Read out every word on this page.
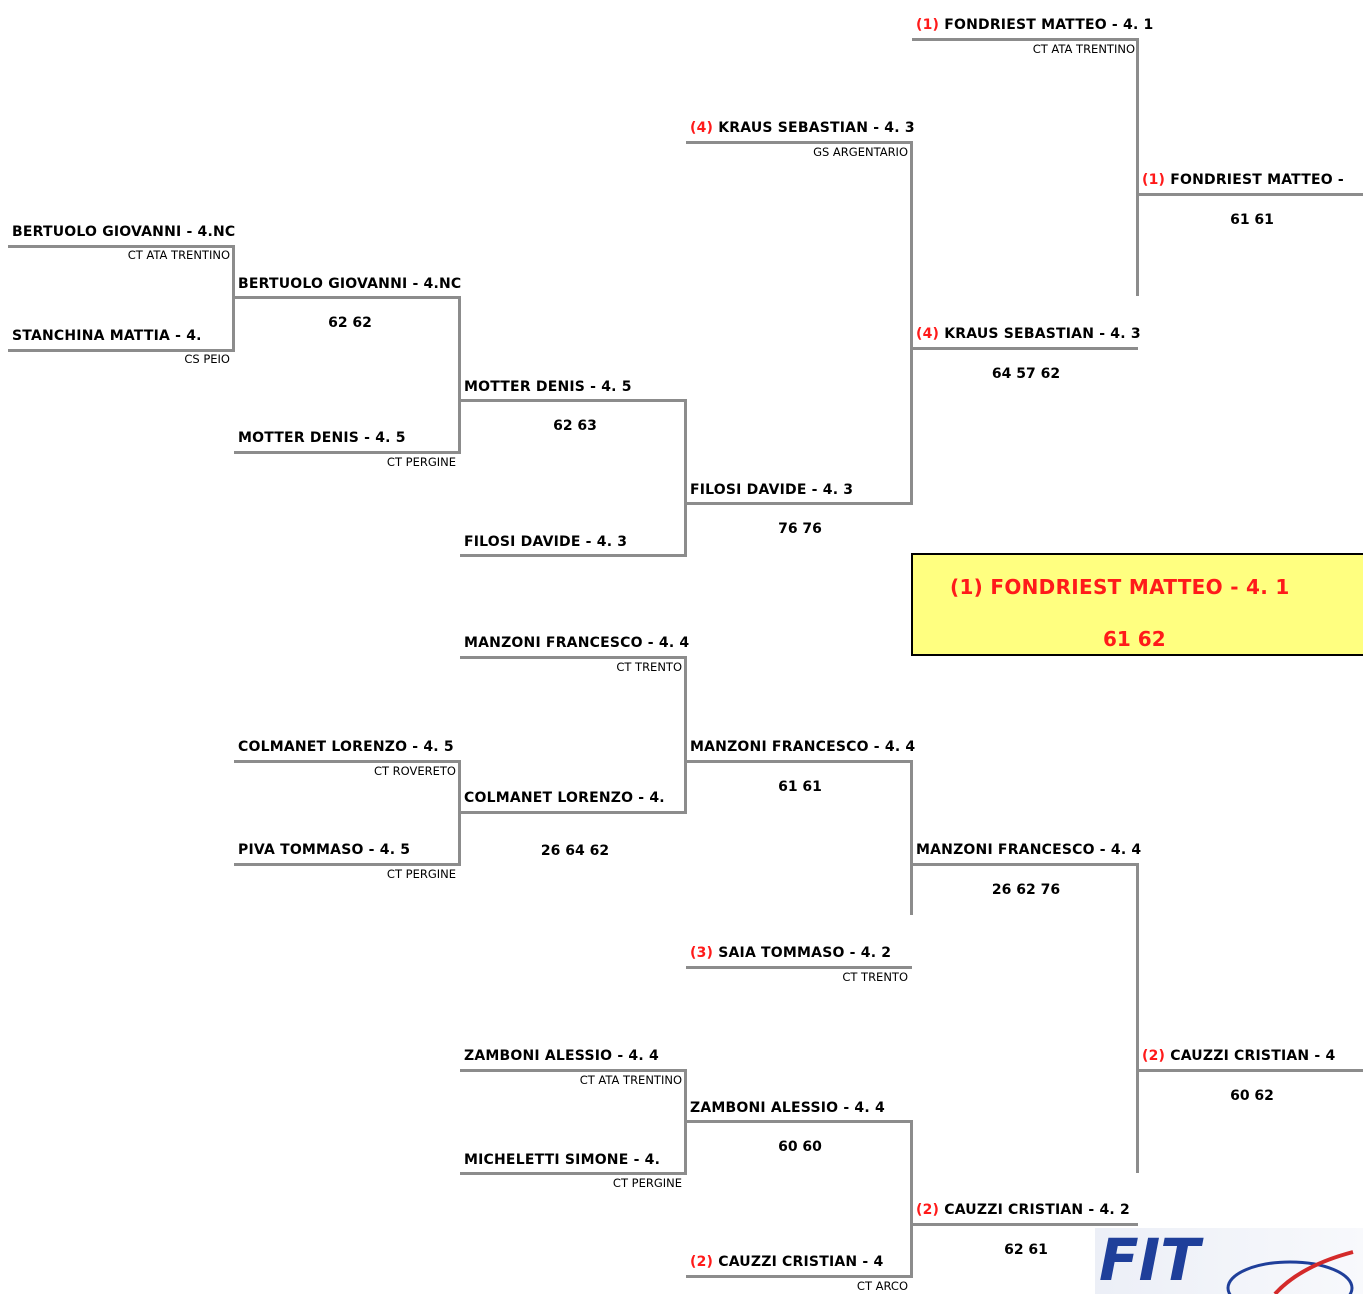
BERTUOLO GIOVANNI - 4.NC
CT ATA TRENTINO
STANCHINA MATTIA - 4.
CS PEIO
BERTUOLO GIOVANNI - 4.NC
62 62
MOTTER DENIS - 4. 5
CT PERGINE
MOTTER DENIS - 4. 5
62 63
FILOSI DAVIDE - 4. 3
(4) KRAUS SEBASTIAN - 4. 3
GS ARGENTARIO
FILOSI DAVIDE - 4. 3
76 76
(1) FONDRIEST MATTEO - 4. 1
CT ATA TRENTINO
(4) KRAUS SEBASTIAN - 4. 3
64 57 62
(1) FONDRIEST MATTEO -
61 61
MANZONI FRANCESCO - 4. 4
CT TRENTO
COLMANET LORENZO - 4. 5
CT ROVERETO
PIVA TOMMASO - 4. 5
CT PERGINE
COLMANET LORENZO - 4.
26 64 62
MANZONI FRANCESCO - 4. 4
61 61
MANZONI FRANCESCO - 4. 4
26 62 76
(3) SAIA TOMMASO - 4. 2
CT TRENTO
(2) CAUZZI CRISTIAN - 4
60 62
ZAMBONI ALESSIO - 4. 4
CT ATA TRENTINO
MICHELETTI SIMONE - 4.
CT PERGINE
ZAMBONI ALESSIO - 4. 4
60 60
(2) CAUZZI CRISTIAN - 4
CT ARCO
(2) CAUZZI CRISTIAN - 4. 2
62 61
(1) FONDRIEST MATTEO - 4. 1
61 62
FIT
